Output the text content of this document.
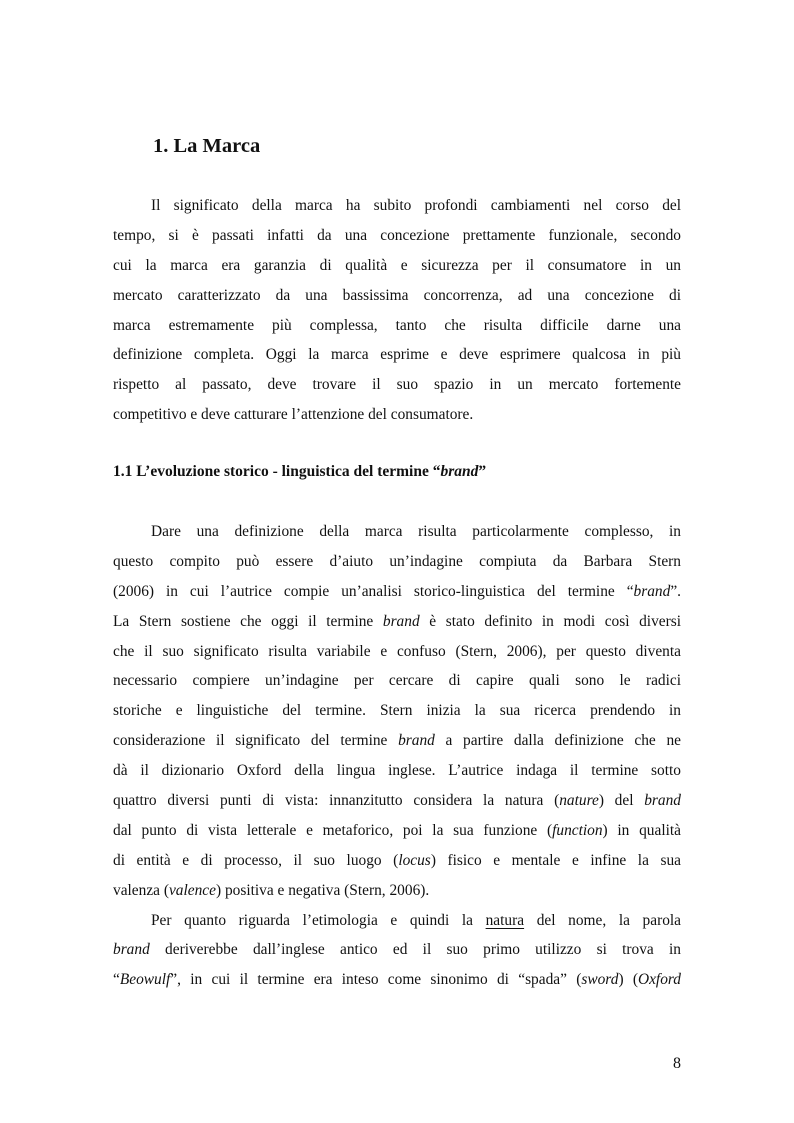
1. La Marca

Il significato della marca ha subito profondi cambiamenti nel corso del
tempo, si è passati infatti da una concezione prettamente funzionale, secondo
cui la marca era garanzia di qualità e sicurezza per il consumatore in un
mercato caratterizzato da una bassissima concorrenza, ad una concezione di
marca estremamente più complessa, tanto che risulta difficile darne una
definizione completa. Oggi la marca esprime e deve esprimere qualcosa in più
rispetto al passato, deve trovare il suo spazio in un mercato fortemente
competitivo e deve catturare l’attenzione del consumatore.

1.1 L’evoluzione storico - linguistica del termine “brand”
Dare una definizione della marca risulta particolarmente complesso, in
questo compito può essere d’aiuto un’indagine compiuta da Barbara Stern
(2006) in cui l’autrice compie un’analisi storico-linguistica del termine “brand”.
La Stern sostiene che oggi il termine brand è stato definito in modi così diversi
che il suo significato risulta variabile e confuso (Stern, 2006), per questo diventa
necessario compiere un’indagine per cercare di capire quali sono le radici
storiche e linguistiche del termine. Stern inizia la sua ricerca prendendo in
considerazione il significato del termine brand a partire dalla definizione che ne
dà il dizionario Oxford della lingua inglese. L’autrice indaga il termine sotto
quattro diversi punti di vista: innanzitutto considera la natura (nature) del brand
dal punto di vista letterale e metaforico, poi la sua funzione (function) in qualità
di entità e di processo, il suo luogo (locus) fisico e mentale e infine la sua
valenza (valence) positiva e negativa (Stern, 2006).
Per quanto riguarda l’etimologia e quindi la natura del nome, la parola
brand deriverebbe dall’inglese antico ed il suo primo utilizzo si trova in
“Beowulf”, in cui il termine era inteso come sinonimo di “spada” (sword) (Oxford
8
